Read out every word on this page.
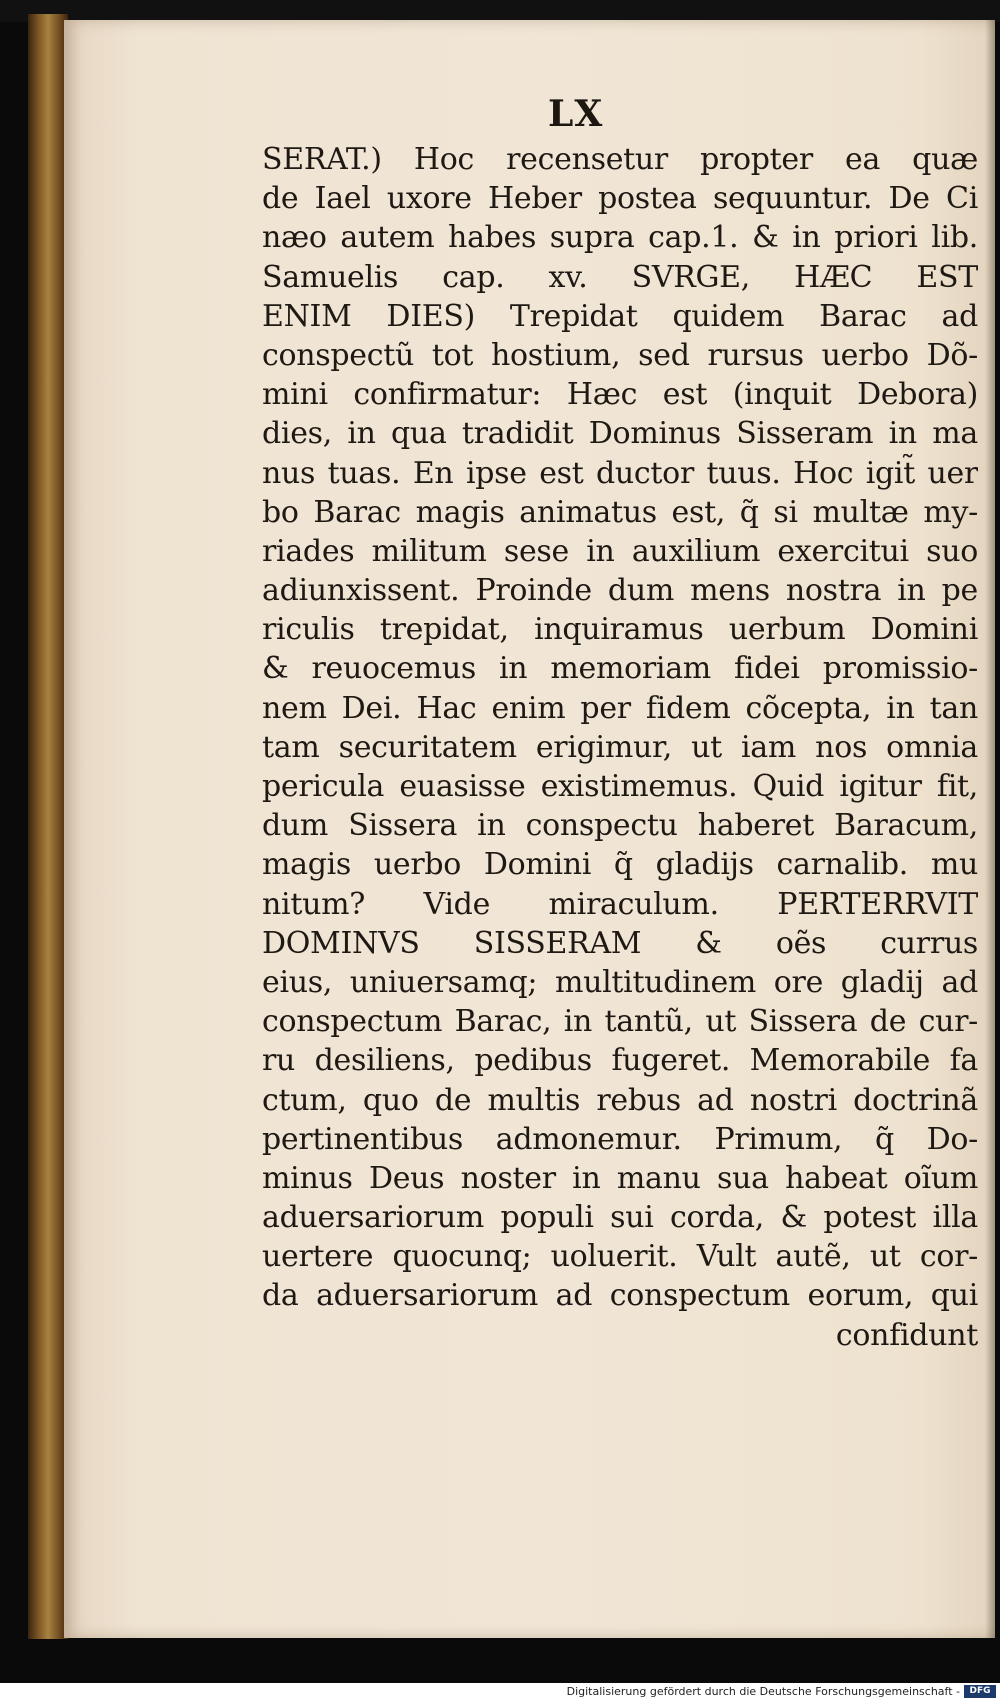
LX
SERAT.) Hoc recensetur propter ea quæ
de Iael uxore Heber postea sequuntur. De Ci
næo autem habes supra cap.1. & in priori lib.
Samuelis cap. xv. SVRGE, HÆC EST
ENIM DIES) Trepidat quidem Barac ad
conspectũ tot hostium, sed rursus uerbo Dõ-
mini confirmatur: Hæc est (inquit Debora)
dies, in qua tradidit Dominus Sisseram in ma
nus tuas. En ipse est ductor tuus. Hoc igit̃ uer
bo Barac magis animatus est, q̃ si multæ my-
riades militum sese in auxilium exercitui suo
adiunxissent. Proinde dum mens nostra in pe
riculis trepidat, inquiramus uerbum Domini
& reuocemus in memoriam fidei promissio-
nem Dei. Hac enim per fidem cõcepta, in tan
tam securitatem erigimur, ut iam nos omnia
pericula euasisse existimemus. Quid igitur fit,
dum Sissera in conspectu haberet Baracum,
magis uerbo Domini q̃ gladijs carnalib. mu
nitum? Vide miraculum. PERTERRVIT
DOMINVS SISSERAM & oẽs currus
eius, uniuersamq; multitudinem ore gladij ad
conspectum Barac, in tantũ, ut Sissera de cur-
ru desiliens, pedibus fugeret. Memorabile fa
ctum, quo de multis rebus ad nostri doctrinã
pertinentibus admonemur. Primum, q̃ Do-
minus Deus noster in manu sua habeat oĩum
aduersariorum populi sui corda, & potest illa
uertere quocunq; uoluerit. Vult autẽ, ut cor-
da aduersariorum ad conspectum eorum, qui
confidunt
Digitalisierung gefördert durch die Deutsche Forschungsgemeinschaft -	DFG
